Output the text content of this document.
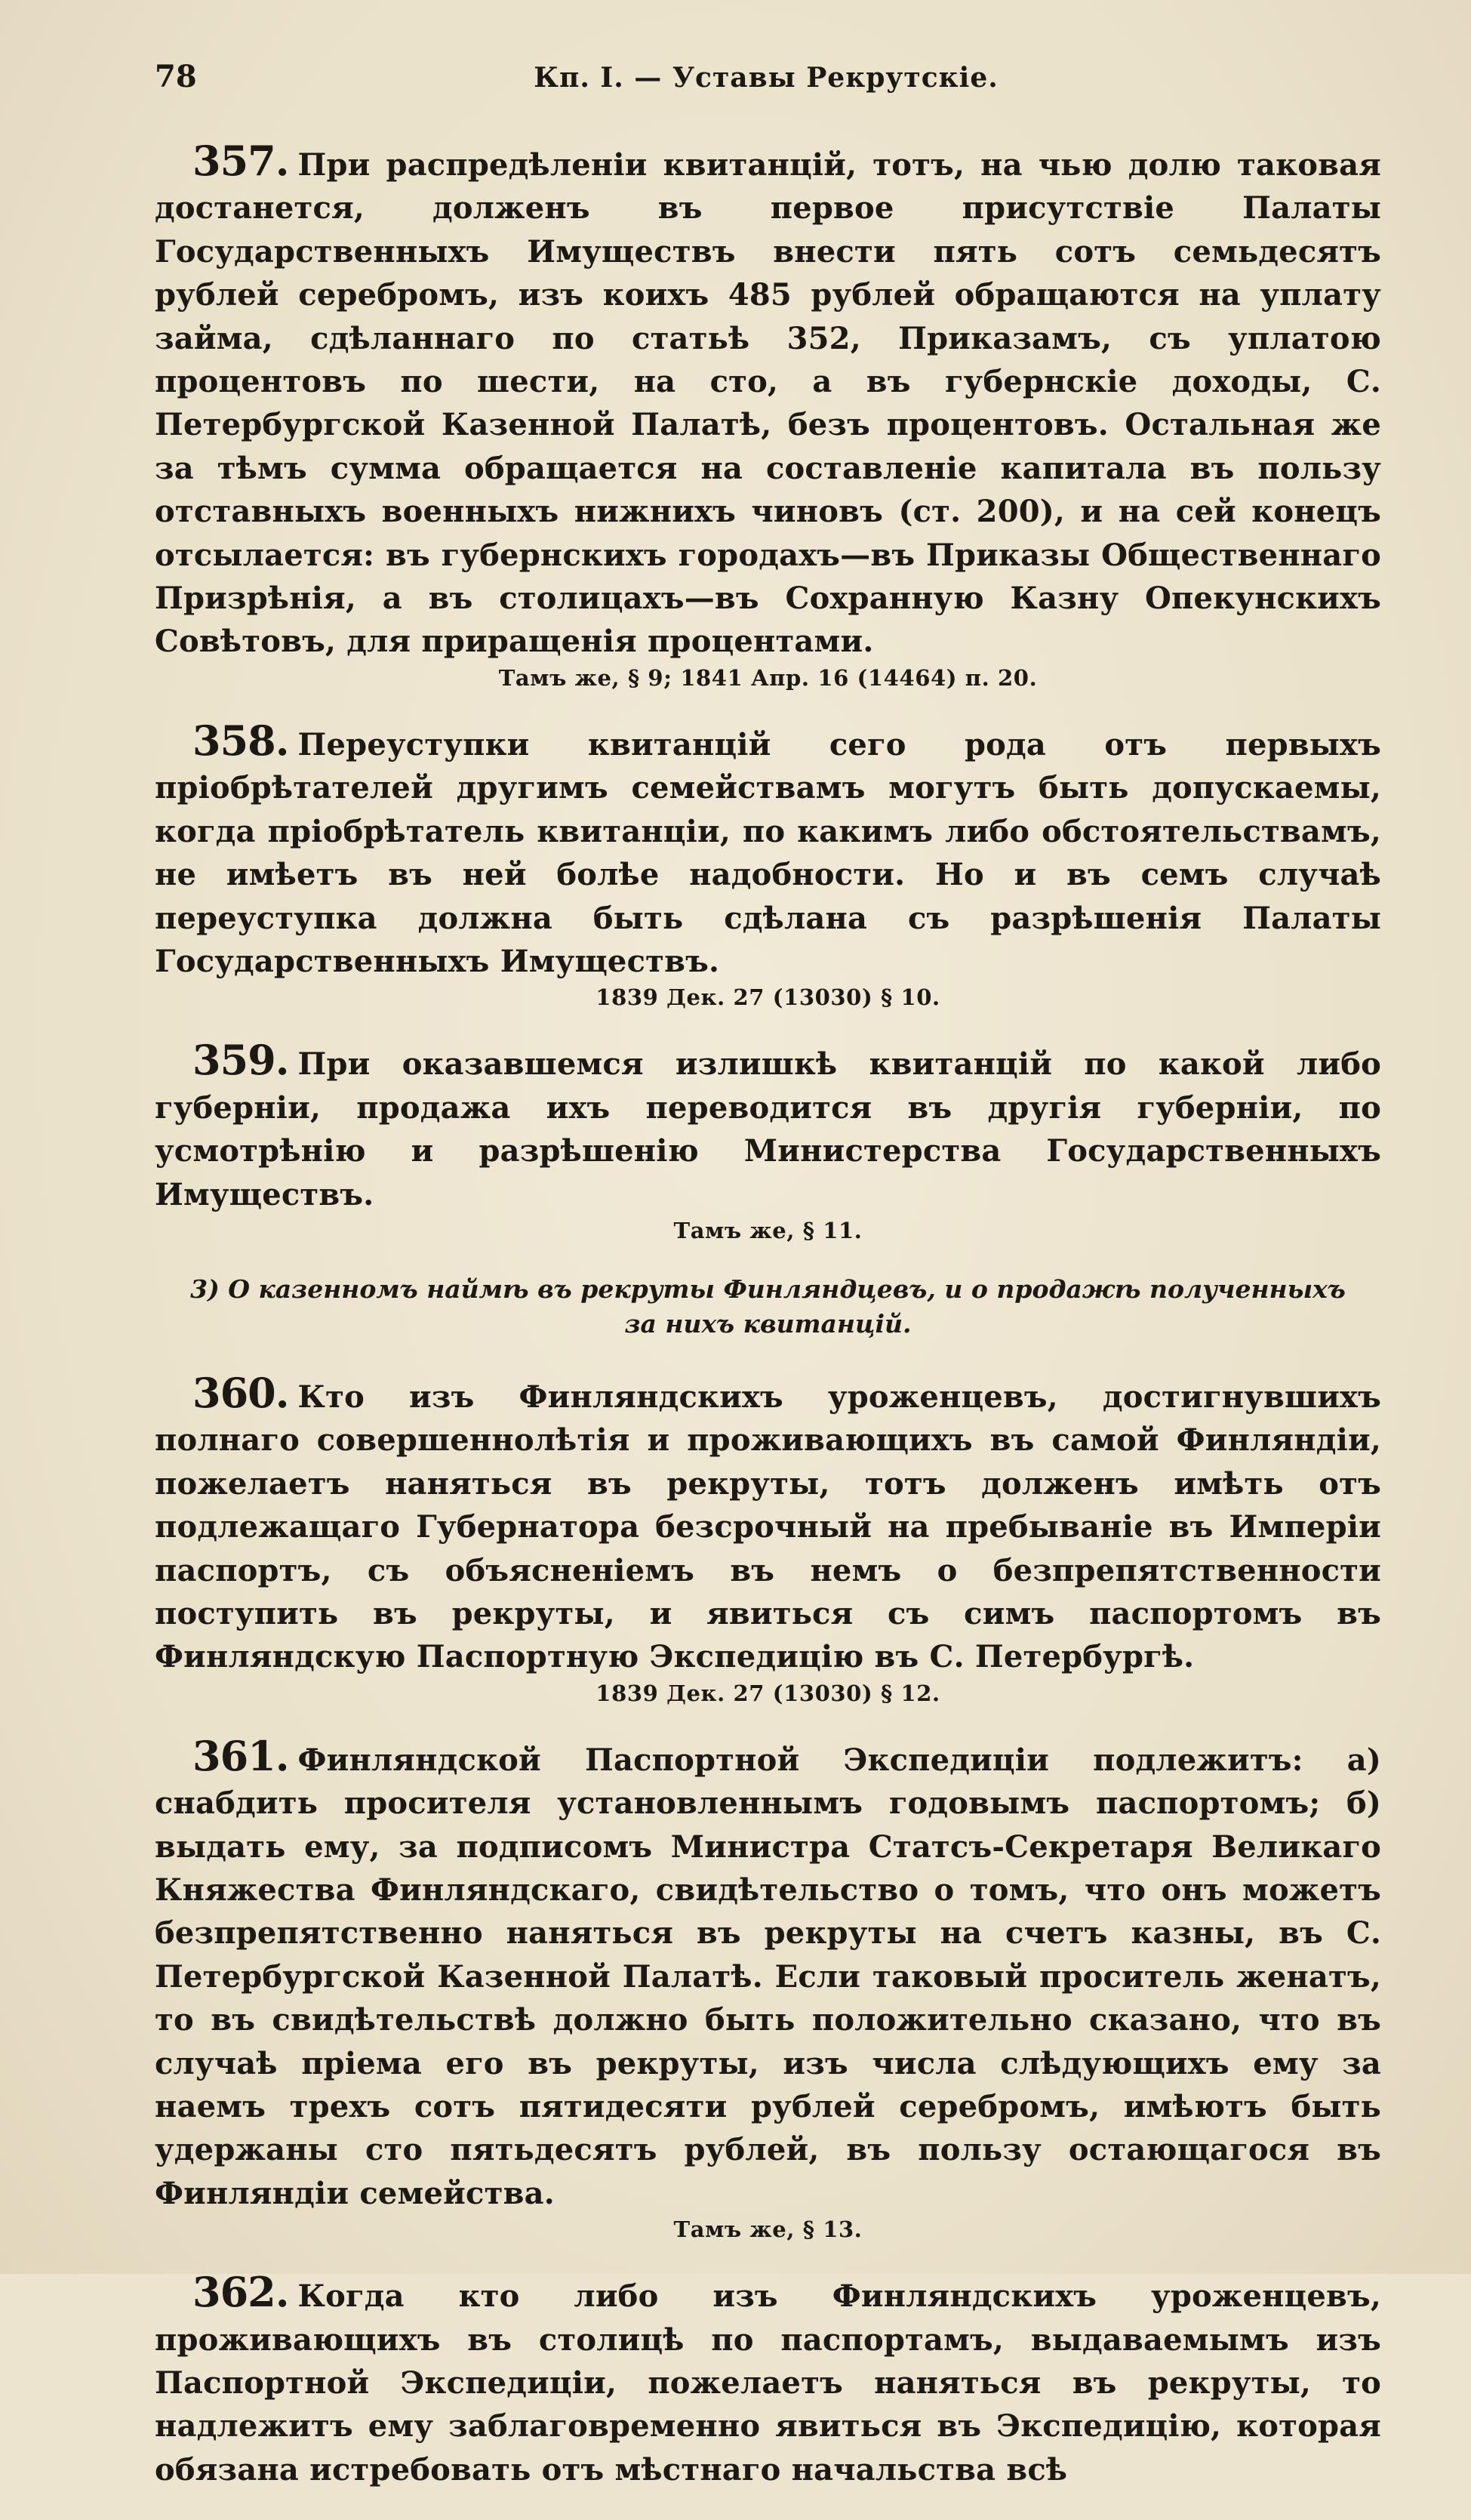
78	Кп. I. — Уставы Рекрутскіе.

357. При распредѣленіи квитанцій, тотъ, на чью долю таковая достанется, долженъ въ первое присутствіе Палаты Государственныхъ Имуществъ внести пять сотъ семьдесятъ рублей серебромъ, изъ коихъ 485 рублей обращаются на уплату займа, сдѣланнаго по статьѣ 352, Приказамъ, съ уплатою процентовъ по шести, на сто, а въ губернскіе доходы, С. Петербургской Казенной Палатѣ, безъ процентовъ. Остальная же за тѣмъ сумма обращается на составленіе капитала въ пользу отставныхъ военныхъ нижнихъ чиновъ (ст. 200), и на сей конецъ отсылается: въ губернскихъ городахъ—въ Приказы Общественнаго Призрѣнія, а въ столицахъ—въ Сохранную Казну Опекунскихъ Совѣтовъ, для приращенія процентами.

Тамъ же, § 9; 1841 Апр. 16 (14464) п. 20.

358. Переуступки квитанцій сего рода отъ первыхъ пріобрѣтателей другимъ семействамъ могутъ быть допускаемы, когда пріобрѣтатель квитанціи, по какимъ либо обстоятельствамъ, не имѣетъ въ ней болѣе надобности. Но и въ семъ случаѣ переуступка должна быть сдѣлана съ разрѣшенія Палаты Государственныхъ Имуществъ.

1839 Дек. 27 (13030) § 10.

359. При оказавшемся излишкѣ квитанцій по какой либо губерніи, продажа ихъ переводится въ другія губерніи, по усмотрѣнію и разрѣшенію Министерства Государственныхъ Имуществъ.

Тамъ же, § 11.
3) О казенномъ наймѣ въ рекруты Финляндцевъ, и о продажѣ полученныхъ за нихъ квитанцій.

360. Кто изъ Финляндскихъ уроженцевъ, достигнувшихъ полнаго совершеннолѣтія и проживающихъ въ самой Финляндіи, пожелаетъ наняться въ рекруты, тотъ долженъ имѣть отъ подлежащаго Губернатора безсрочный на пребываніе въ Имперіи паспортъ, съ объясненіемъ въ немъ о безпрепятственности поступить въ рекруты, и явиться съ симъ паспортомъ въ Финляндскую Паспортную Экспедицію въ С. Петербургѣ.

1839 Дек. 27 (13030) § 12.

361. Финляндской Паспортной Экспедиціи подлежитъ: а) снабдить просителя установленнымъ годовымъ паспортомъ; б) выдать ему, за подписомъ Министра Статсъ-Секретаря Великаго Княжества Финляндскаго, свидѣтельство о томъ, что онъ можетъ безпрепятственно наняться въ рекруты на счетъ казны, въ С. Петербургской Казенной Палатѣ. Если таковый проситель женатъ, то въ свидѣтельствѣ должно быть положительно сказано, что въ случаѣ пріема его въ рекруты, изъ числа слѣдующихъ ему за наемъ трехъ сотъ пятидесяти рублей серебромъ, имѣютъ быть удержаны сто пятьдесятъ рублей, въ пользу остающагося въ Финляндіи семейства.

Тамъ же, § 13.

362. Когда кто либо изъ Финляндскихъ уроженцевъ, проживающихъ въ столицѣ по паспортамъ, выдаваемымъ изъ Паспортной Экспедиціи, пожелаетъ наняться въ рекруты, то надлежитъ ему заблаговременно явиться въ Экспедицію, которая обязана истребовать отъ мѣстнаго начальства всѣ
